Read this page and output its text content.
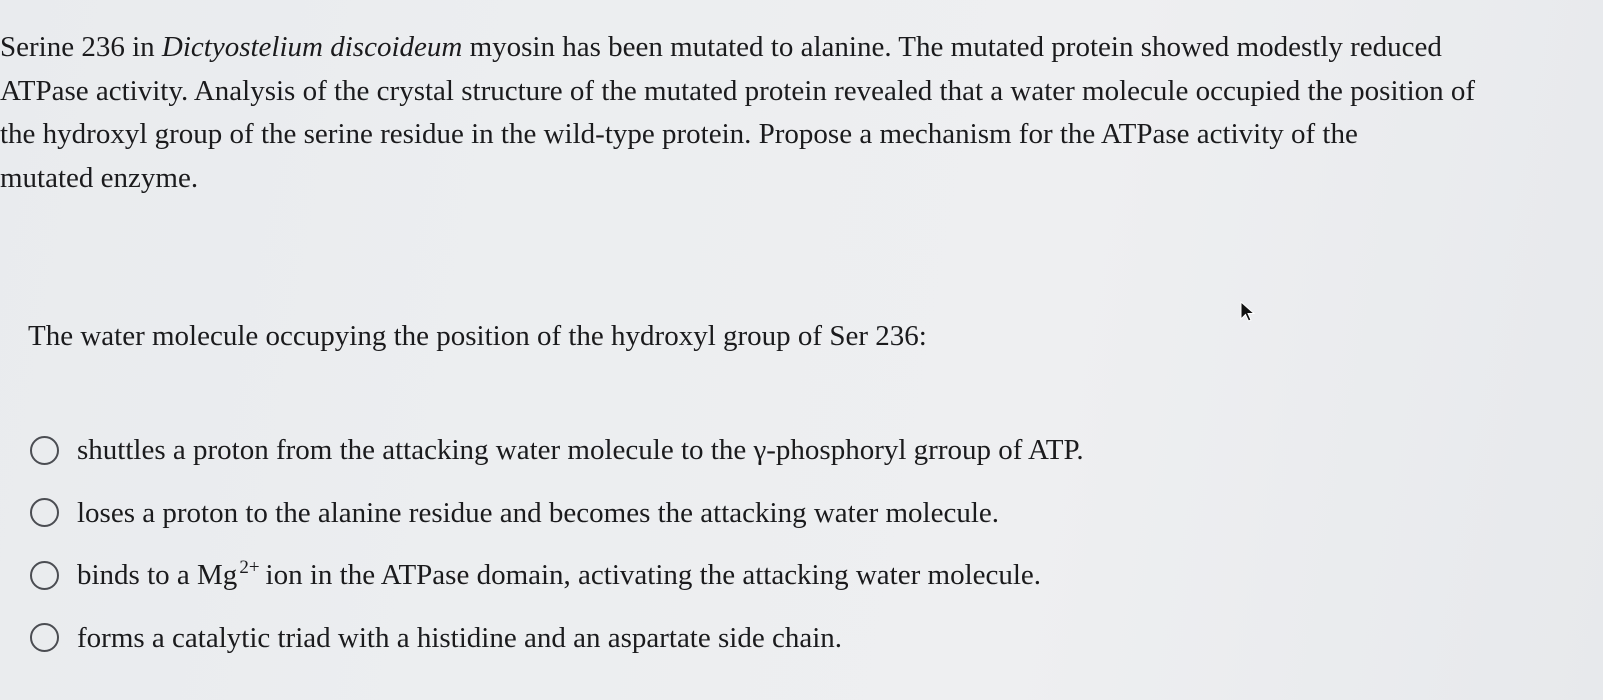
Serine 236 in Dictyostelium discoideum myosin has been mutated to alanine. The mutated protein showed modestly reduced
ATPase activity. Analysis of the crystal structure of the mutated protein revealed that a water molecule occupied the position of
the hydroxyl group of the serine residue in the wild-type protein. Propose a mechanism for the ATPase activity of the
mutated enzyme.
The water molecule occupying the position of the hydroxyl group of Ser 236:
shuttles a proton from the attacking water molecule to the γ-phosphoryl grroup of ATP.
loses a proton to the alanine residue and becomes the attacking water molecule.
binds to a Mg $^{2+}$ ion in the ATPase domain, activating the attacking water molecule.
forms a catalytic triad with a histidine and an aspartate side chain.
